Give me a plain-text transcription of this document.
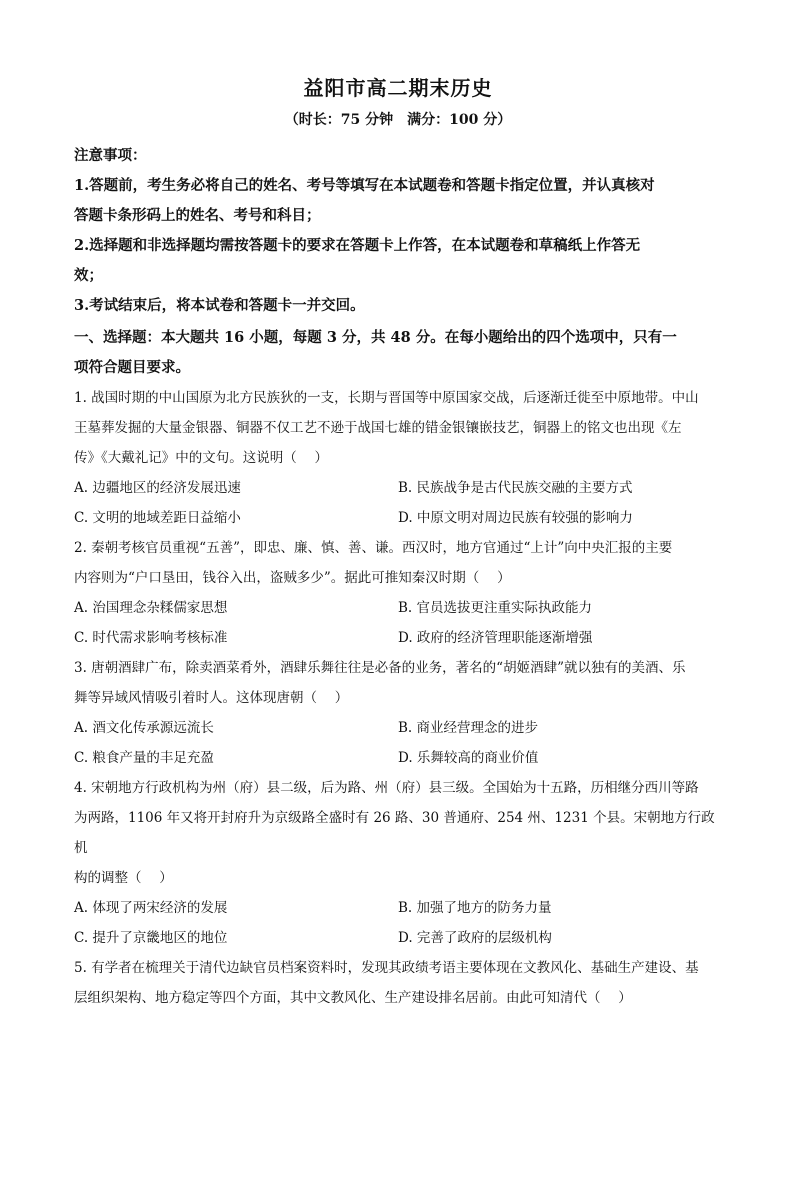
益阳市高二期末历史
（时长：75 分钟　满分：100 分）

注意事项：

1.答题前，考生务必将自己的姓名、考号等填写在本试题卷和答题卡指定位置，并认真核对

答题卡条形码上的姓名、考号和科目；

2.选择题和非选择题均需按答题卡的要求在答题卡上作答，在本试题卷和草稿纸上作答无

效；

3.考试结束后，将本试卷和答题卡一并交回。

一、选择题：本大题共 16 小题，每题 3 分，共 48 分。在每小题给出的四个选项中，只有一

项符合题目要求。

1. 战国时期的中山国原为北方民族狄的一支，长期与晋国等中原国家交战，后逐渐迁徙至中原地带。中山

王墓葬发掘的大量金银器、铜器不仅工艺不逊于战国七雄的错金银镶嵌技艺，铜器上的铭文也出现《左

传》《大戴礼记》中的文句。这说明（　 ）

A. 边疆地区的经济发展迅速	B. 民族战争是古代民族交融的主要方式
C. 文明的地域差距日益缩小	D. 中原文明对周边民族有较强的影响力

2. 秦朝考核官员重视“五善”，即忠、廉、慎、善、谦。西汉时，地方官通过“上计”向中央汇报的主要

内容则为“户口垦田，钱谷入出，盗贼多少”。据此可推知秦汉时期（　 ）

A. 治国理念杂糅儒家思想	B. 官员选拔更注重实际执政能力
C. 时代需求影响考核标准	D. 政府的经济管理职能逐渐增强

3. 唐朝酒肆广布，除卖酒菜肴外，酒肆乐舞往往是必备的业务，著名的“胡姬酒肆”就以独有的美酒、乐

舞等异域风情吸引着时人。这体现唐朝（　 ）

A. 酒文化传承源远流长	B. 商业经营理念的进步
C. 粮食产量的丰足充盈	D. 乐舞较高的商业价值

4. 宋朝地方行政机构为州（府）县二级，后为路、州（府）县三级。全国始为十五路，历相继分西川等路

为两路，1106 年又将开封府升为京级路全盛时有 26 路、30 普通府、254 州、1231 个县。宋朝地方行政机

构的调整（　 ）

A. 体现了两宋经济的发展	B. 加强了地方的防务力量
C. 提升了京畿地区的地位	D. 完善了政府的层级机构

5. 有学者在梳理关于清代边缺官员档案资料时，发现其政绩考语主要体现在文教风化、基础生产建设、基

层组织架构、地方稳定等四个方面，其中文教风化、生产建设排名居前。由此可知清代（　 ）
